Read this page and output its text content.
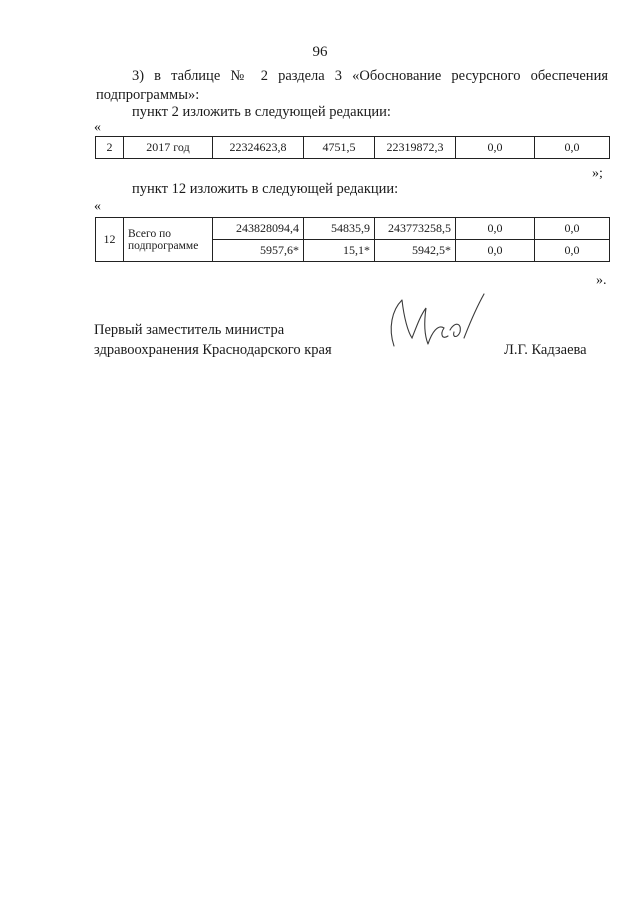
96
3) в таблице № 2 раздела 3 «Обоснование ресурсного обеспечения подпрограммы»:
пункт 2 изложить в следующей редакции:
«
2	2017 год	22324623,8	4751,5	22319872,3	0,0	0,0
»;
пункт 12 изложить в следующей редакции:
«
12	Всего по подпрограмме	243828094,4	54835,9	243773258,5	0,0	0,0
		5957,6*	15,1*	5942,5*	0,0	0,0
».
Первый заместитель министра
здравоохранения Краснодарского края	Л.Г. Кадзаева
